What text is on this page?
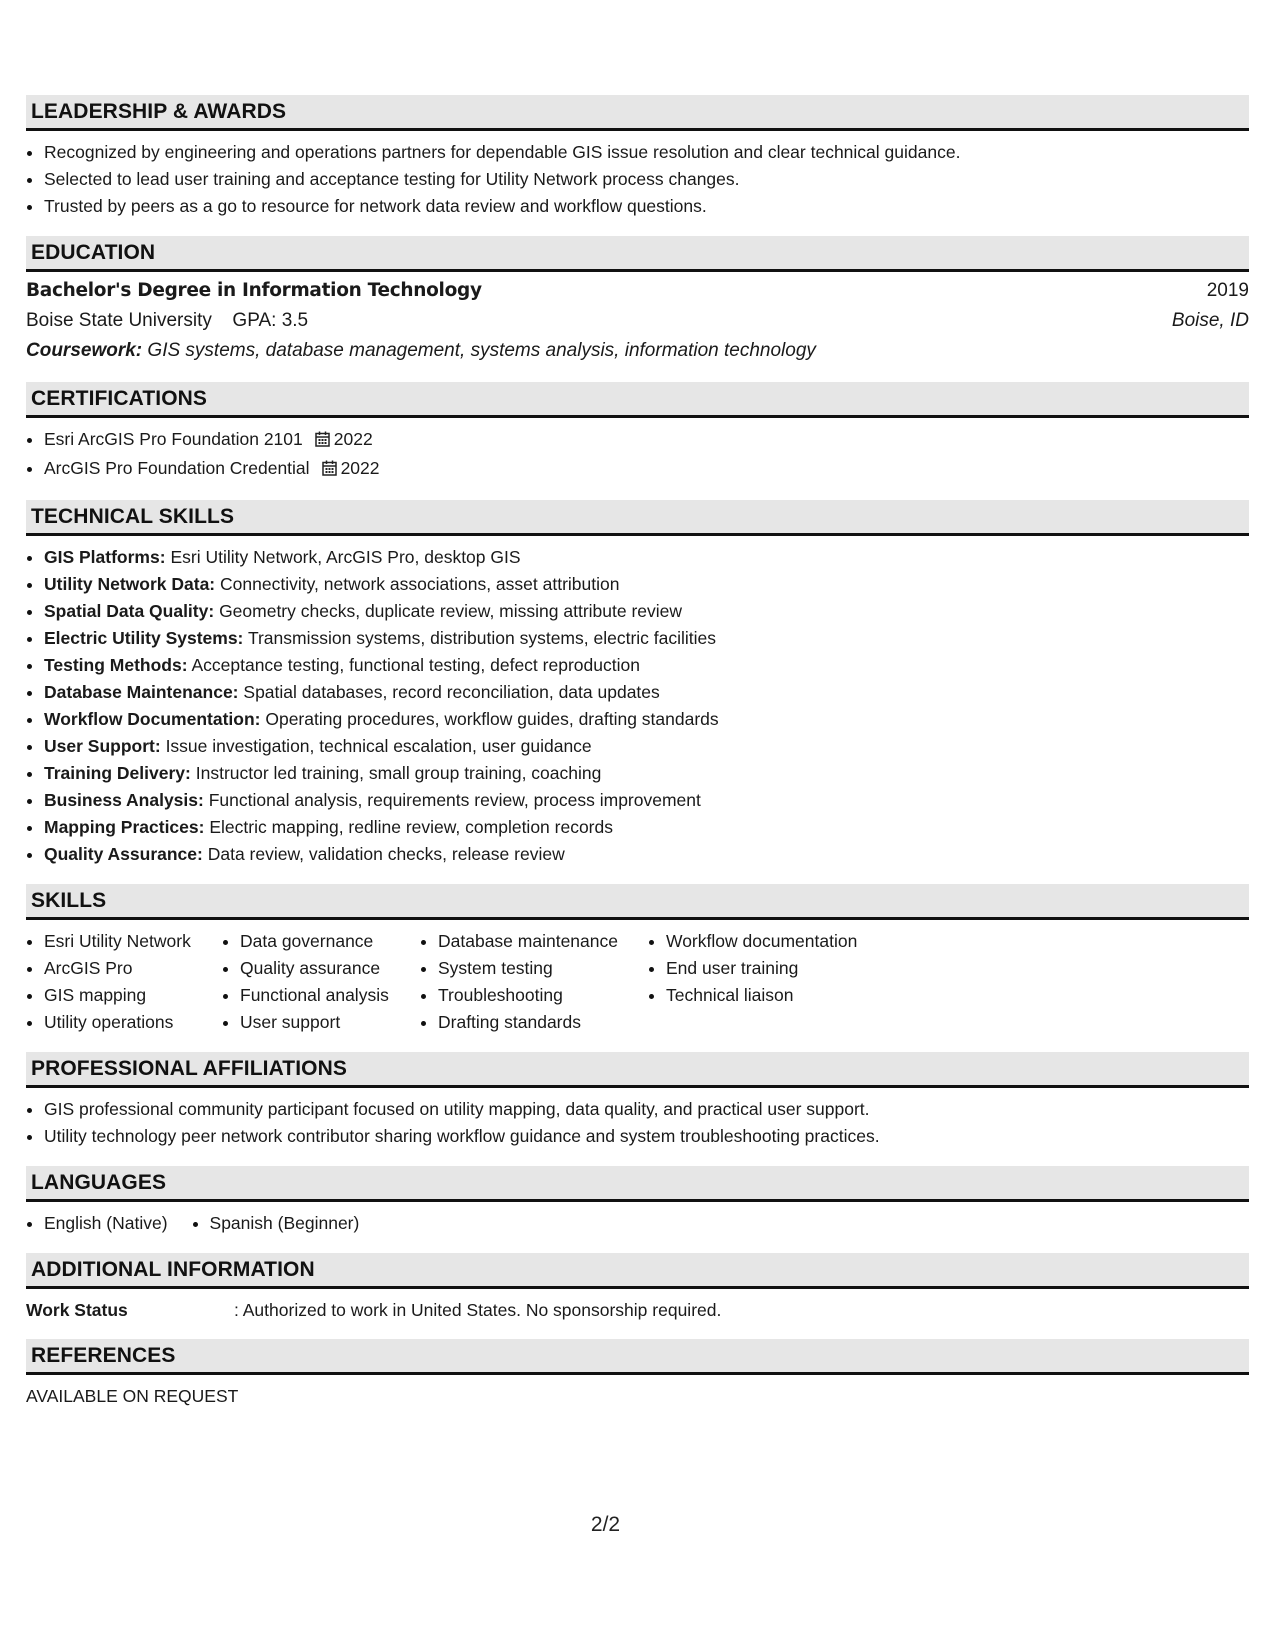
LEADERSHIP & AWARDS
Recognized by engineering and operations partners for dependable GIS issue resolution and clear technical guidance.
Selected to lead user training and acceptance testing for Utility Network process changes.
Trusted by peers as a go to resource for network data review and workflow questions.
EDUCATION
Bachelor's Degree in Information Technology	2019
Boise State University GPA: 3.5	Boise, ID
Coursework: GIS systems, database management, systems analysis, information technology
CERTIFICATIONS
Esri ArcGIS Pro Foundation 2101 2022
ArcGIS Pro Foundation Credential 2022
TECHNICAL SKILLS
GIS Platforms: Esri Utility Network, ArcGIS Pro, desktop GIS
Utility Network Data: Connectivity, network associations, asset attribution
Spatial Data Quality: Geometry checks, duplicate review, missing attribute review
Electric Utility Systems: Transmission systems, distribution systems, electric facilities
Testing Methods: Acceptance testing, functional testing, defect reproduction
Database Maintenance: Spatial databases, record reconciliation, data updates
Workflow Documentation: Operating procedures, workflow guides, drafting standards
User Support: Issue investigation, technical escalation, user guidance
Training Delivery: Instructor led training, small group training, coaching
Business Analysis: Functional analysis, requirements review, process improvement
Mapping Practices: Electric mapping, redline review, completion records
Quality Assurance: Data review, validation checks, release review
SKILLS
Esri Utility Network
ArcGIS Pro
GIS mapping
Utility operations
Data governance
Quality assurance
Functional analysis
User support
Database maintenance
System testing
Troubleshooting
Drafting standards
Workflow documentation
End user training
Technical liaison
PROFESSIONAL AFFILIATIONS
GIS professional community participant focused on utility mapping, data quality, and practical user support.
Utility technology peer network contributor sharing workflow guidance and system troubleshooting practices.
LANGUAGES
English (Native) Spanish (Beginner)
ADDITIONAL INFORMATION
Work Status	: Authorized to work in United States. No sponsorship required.
REFERENCES
AVAILABLE ON REQUEST
2/2
